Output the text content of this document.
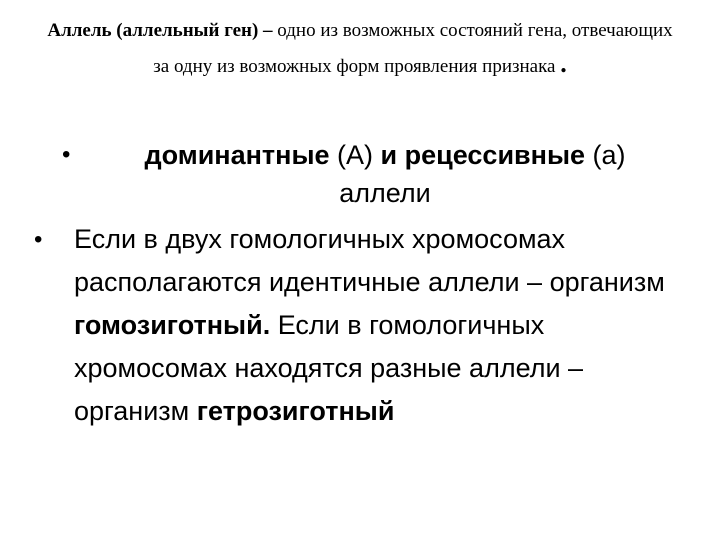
Аллель (аллельный ген) – одно из возможных состояний гена, отвечающих за одну из возможных форм проявления признака .
•	доминантные (А) и рецессивные (а)
аллели
• Если в двух гомологичных хромосомах располагаются идентичные аллели – организм гомозиготный. Если в гомологичных хромосомах находятся разные аллели – организм гетрозиготный
